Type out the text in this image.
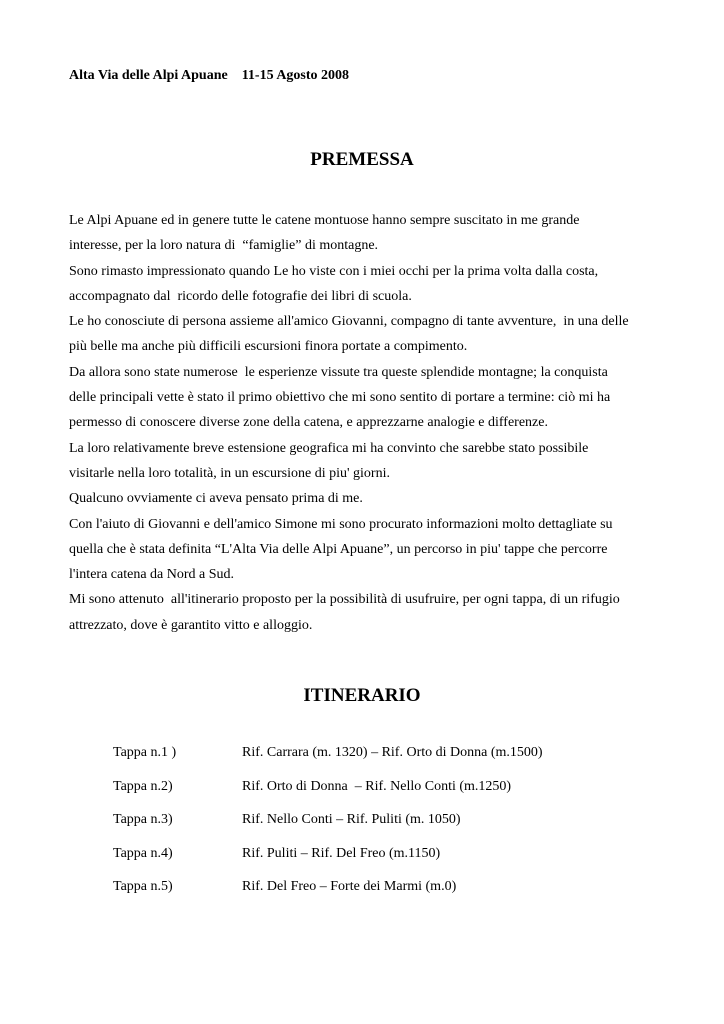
Alta Via delle Alpi Apuane    11-15 Agosto 2008
PREMESSA
Le Alpi Apuane ed in genere tutte le catene montuose hanno sempre suscitato in me grande
interesse, per la loro natura di  “famiglie” di montagne.
Sono rimasto impressionato quando Le ho viste con i miei occhi per la prima volta dalla costa,
accompagnato dal  ricordo delle fotografie dei libri di scuola.
Le ho conosciute di persona assieme all'amico Giovanni, compagno di tante avventure,  in una delle
più belle ma anche più difficili escursioni finora portate a compimento.
Da allora sono state numerose  le esperienze vissute tra queste splendide montagne; la conquista
delle principali vette è stato il primo obiettivo che mi sono sentito di portare a termine: ciò mi ha
permesso di conoscere diverse zone della catena, e apprezzarne analogie e differenze.
La loro relativamente breve estensione geografica mi ha convinto che sarebbe stato possibile
visitarle nella loro totalità, in un escursione di piu' giorni.
Qualcuno ovviamente ci aveva pensato prima di me.
Con l'aiuto di Giovanni e dell'amico Simone mi sono procurato informazioni molto dettagliate su
quella che è stata definita “L'Alta Via delle Alpi Apuane”, un percorso in piu' tappe che percorre
l'intera catena da Nord a Sud.
Mi sono attenuto  all'itinerario proposto per la possibilità di usufruire, per ogni tappa, di un rifugio
attrezzato, dove è garantito vitto e alloggio.
ITINERARIO
Tappa n.1 )	Rif. Carrara (m. 1320) – Rif. Orto di Donna (m.1500)
Tappa n.2)	Rif. Orto di Donna  – Rif. Nello Conti (m.1250)
Tappa n.3)	Rif. Nello Conti – Rif. Puliti (m. 1050)
Tappa n.4)	Rif. Puliti – Rif. Del Freo (m.1150)
Tappa n.5)	Rif. Del Freo – Forte dei Marmi (m.0)
